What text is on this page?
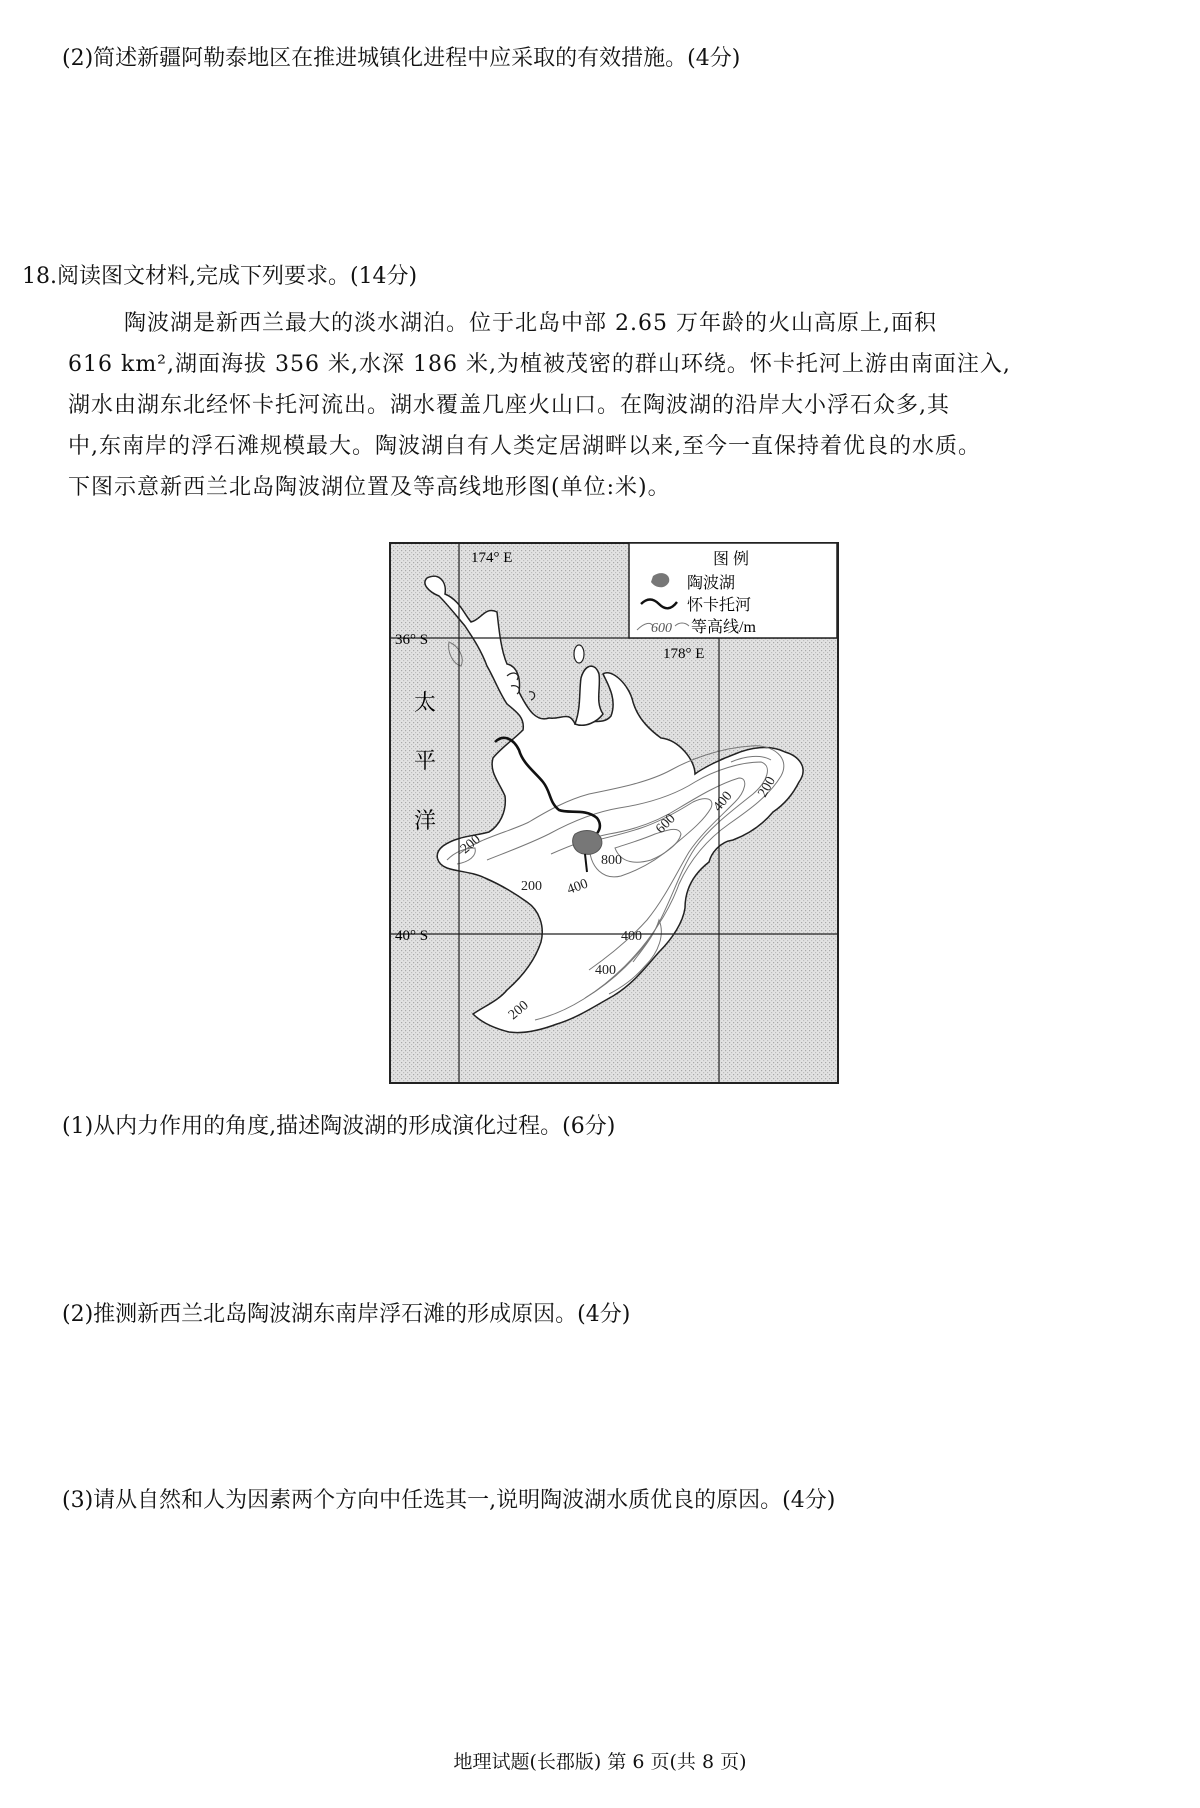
(2)简述新疆阿勒泰地区在推进城镇化进程中应采取的有效措施。(4分)
18.阅读图文材料,完成下列要求。(14分)
陶波湖是新西兰最大的淡水湖泊。位于北岛中部 2.65 万年龄的火山高原上,面积
616 km²,湖面海拔 356 米,水深 186 米,为植被茂密的群山环绕。怀卡托河上游由南面注入,
湖水由湖东北经怀卡托河流出。湖水覆盖几座火山口。在陶波湖的沿岸大小浮石众多,其
中,东南岸的浮石滩规模最大。陶波湖自有人类定居湖畔以来,至今一直保持着优良的水质。
下图示意新西兰北岛陶波湖位置及等高线地形图(单位:米)。
图 例
陶波湖
怀卡托河
600 等高线/m
174° E
178° E
36° S
40° S
太
平
洋
200
200 400
800
600
400
200
400
400
200
(1)从内力作用的角度,描述陶波湖的形成演化过程。(6分)
(2)推测新西兰北岛陶波湖东南岸浮石滩的形成原因。(4分)
(3)请从自然和人为因素两个方向中任选其一,说明陶波湖水质优良的原因。(4分)
地理试题(长郡版) 第 6 页(共 8 页)
